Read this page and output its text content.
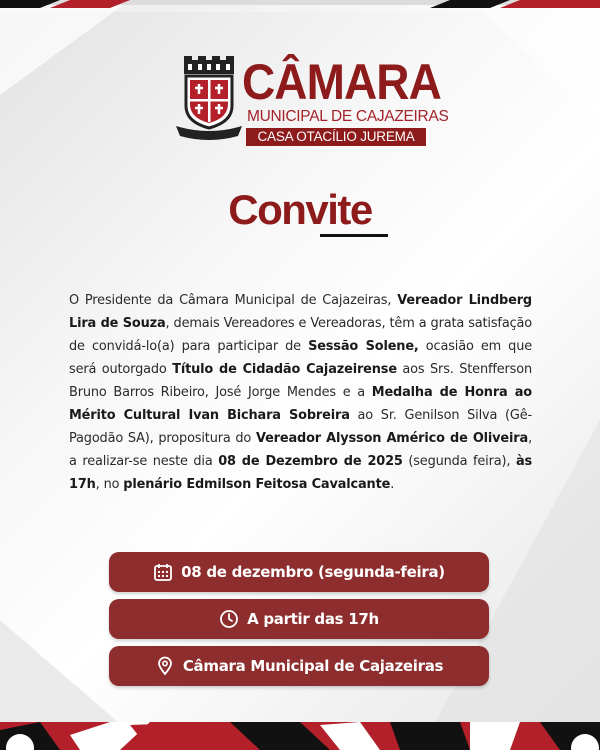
CÂMARA
MUNICIPAL DE CAJAZEIRAS
CASA OTACÍLIO JUREMA
Convite

O Presidente da Câmara Municipal de Cajazeiras, Vereador Lindberg Lira de Souza, demais Vereadores e Vereadoras, têm a grata satisfação de convidá-lo(a) para participar de Sessão Solene, ocasião em que será outorgado Título de Cidadão Cajazeirense aos Srs. Stenfferson Bruno Barros Ribeiro, José Jorge Mendes e a Medalha de Honra ao Mérito Cultural Ivan Bichara Sobreira ao Sr. Genilson Silva (Gê-Pagodão SA), propositura do Vereador Alysson Américo de Oliveira, a realizar-se neste dia 08 de Dezembro de 2025 (segunda feira), às 17h, no plenário Edmilson Feitosa Cavalcante.

08 de dezembro (segunda-feira)
A partir das 17h
Câmara Municipal de Cajazeiras
